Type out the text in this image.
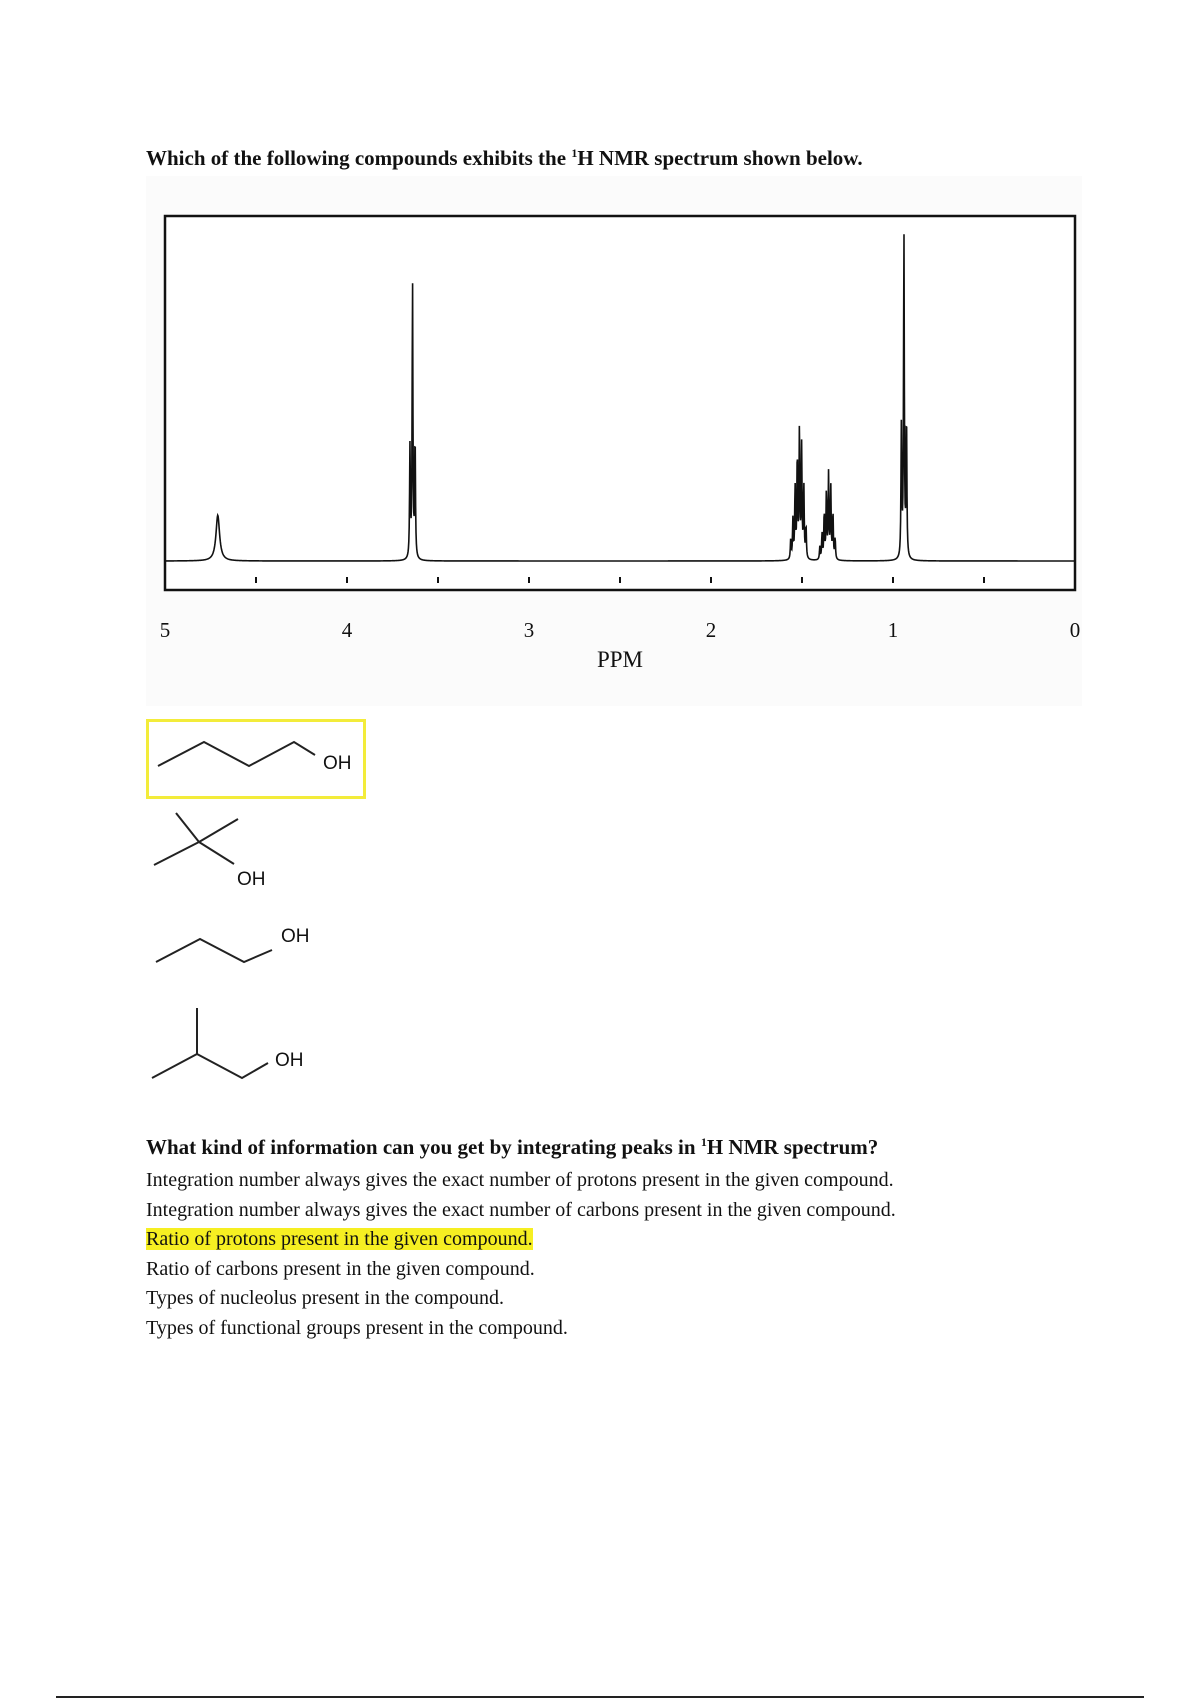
Which of the following compounds exhibits the $^1$H NMR spectrum shown below.
5	4	3	2	1	0
PPM
OH
OH
OH
OH
What kind of information can you get by integrating peaks in $^1$H NMR spectrum?
Integration number always gives the exact number of protons present in the given compound.
Integration number always gives the exact number of carbons present in the given compound.
Ratio of protons present in the given compound.
Ratio of carbons present in the given compound.
Types of nucleolus present in the compound.
Types of functional groups present in the compound.
